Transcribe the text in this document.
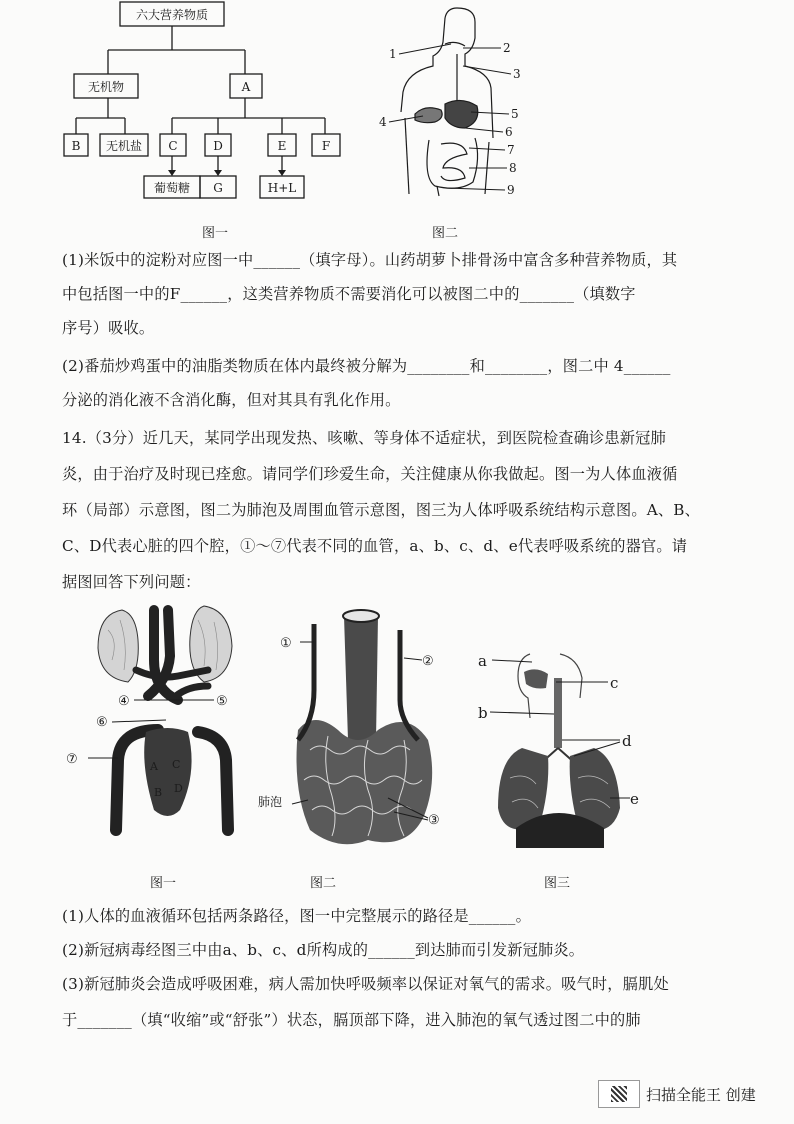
六大营养物质
无机物	A
B 无机盐 C	D	E	F
葡萄糖 G	H+L
1	2
3
4
5
6
7
8
9
图一	图二
(1)米饭中的淀粉对应图一中______（填字母）。山药胡萝卜排骨汤中富含多种营养物质，其
中包括图一中的F______，这类营养物质不需要消化可以被图二中的_______（填数字
序号）吸收。
(2)番茄炒鸡蛋中的油脂类物质在体内最终被分解为________和________，图二中 4______
分泌的消化液不含消化酶，但对其具有乳化作用。
14.（3分）近几天，某同学出现发热、咳嗽、等身体不适症状，到医院检查确诊患新冠肺
炎，由于治疗及时现已痊愈。请同学们珍爱生命，关注健康从你我做起。图一为人体血液循
环（局部）示意图，图二为肺泡及周围血管示意图，图三为人体呼吸系统结构示意图。A、B、
C、D代表心脏的四个腔，①～⑦代表不同的血管，a、b、c、d、e代表呼吸系统的器官。请
据图回答下列问题：
A C
B D
④	⑤
⑥
⑦
①
②
③
肺泡
a
c
b
d
e
图一	图二	图三
(1)人体的血液循环包括两条路径，图一中完整展示的路径是______。
(2)新冠病毒经图三中由a、b、c、d所构成的______到达肺而引发新冠肺炎。
(3)新冠肺炎会造成呼吸困难，病人需加快呼吸频率以保证对氧气的需求。吸气时，膈肌处
于_______（填“收缩”或“舒张”）状态，膈顶部下降，进入肺泡的氧气透过图二中的肺
扫描全能王 创建
